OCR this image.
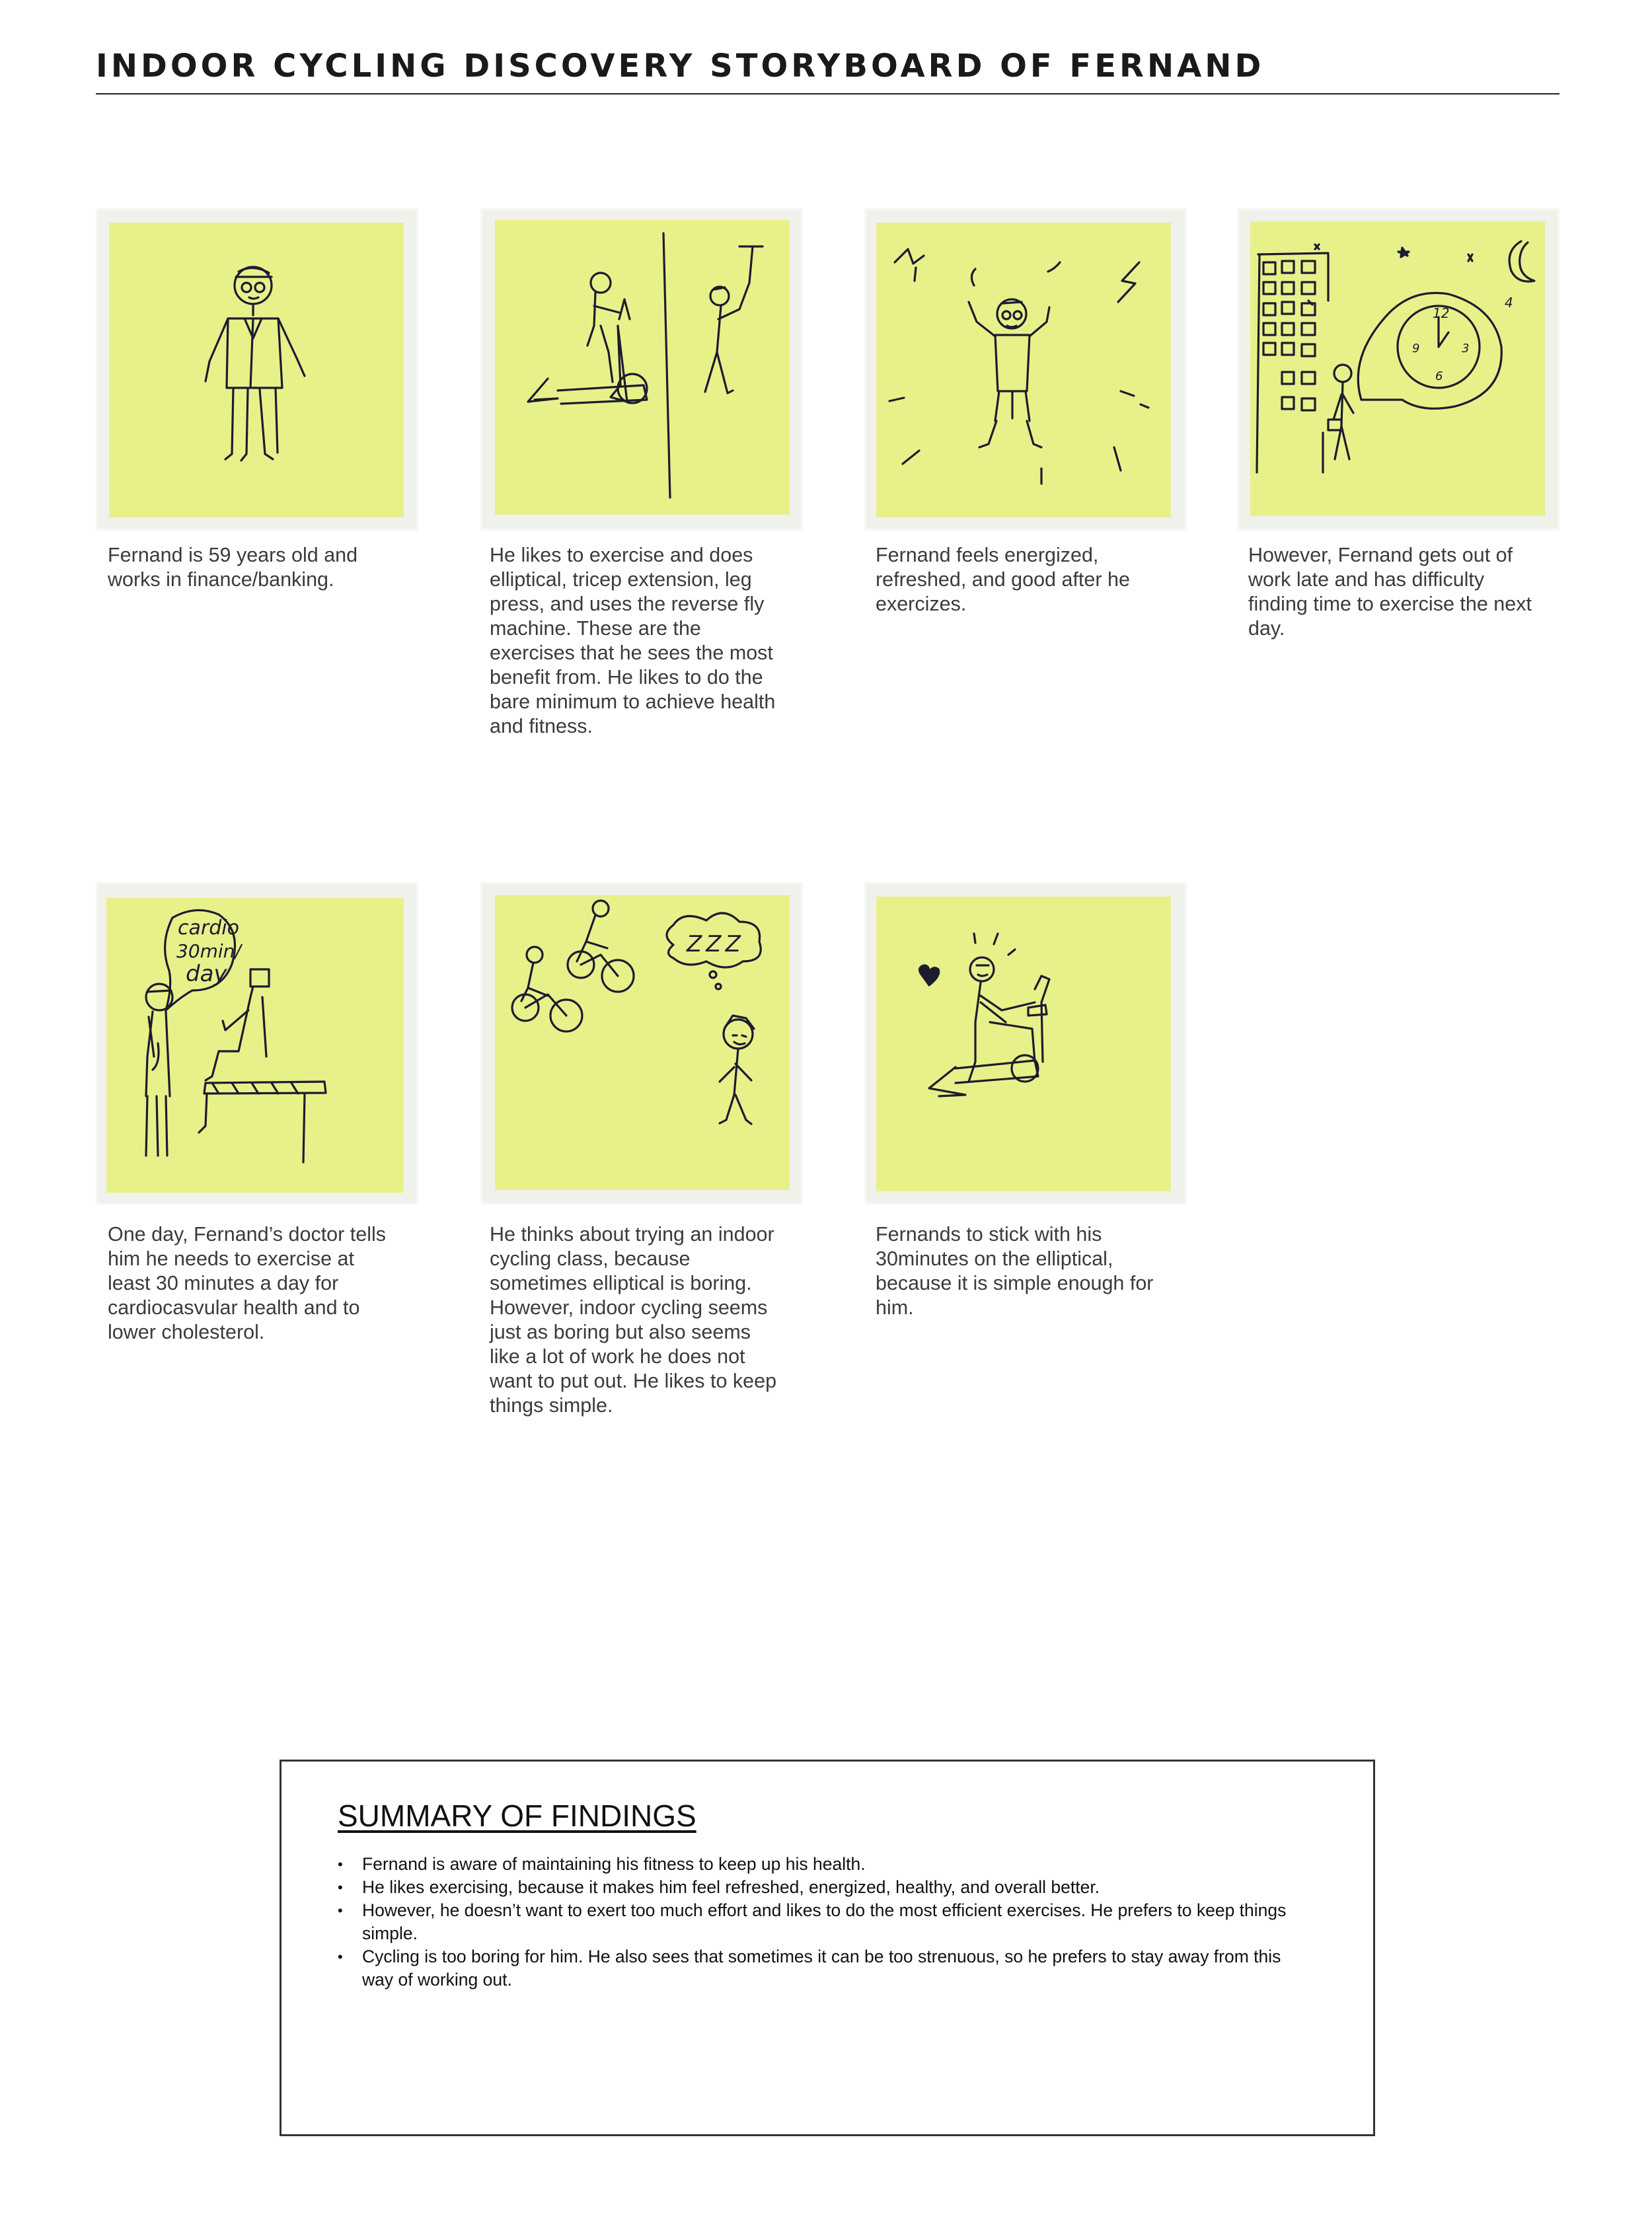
INDOOR CYCLING DISCOVERY STORYBOARD OF FERNAND
Fernand is 59 years old and works in finance/banking.
He likes to exercise and does elliptical, tricep extension, leg press, and uses the reverse fly machine. These are the exercises that he sees the most benefit from. He likes to do the bare minimum to achieve health and fitness.
Fernand feels energized, refreshed, and good after he exercizes.
12
9	3
6
4
However, Fernand gets out of work late and has difficulty finding time to exercise the next day.
cardio
30min/
day
One day, Fernand’s doctor tells him he needs to exercise at least 30 minutes a day for cardiocasvular health and to lower cholesterol.
ZZZ
He thinks about trying an indoor cycling class, because sometimes elliptical is boring. However, indoor cycling seems just as boring but also seems like a lot of work he does not want to put out. He likes to keep things simple.
Fernands to stick with his 30minutes on the elliptical, because it is simple enough for him.
SUMMARY OF FINDINGS
• Fernand is aware of maintaining his fitness to keep up his health.
• He likes exercising, because it makes him feel refreshed, energized, healthy, and overall better.
• However, he doesn’t want to exert too much effort and likes to do the most efficient exercises. He prefers to keep things simple.
• Cycling is too boring for him. He also sees that sometimes it can be too strenuous, so he prefers to stay away from this way of working out.
